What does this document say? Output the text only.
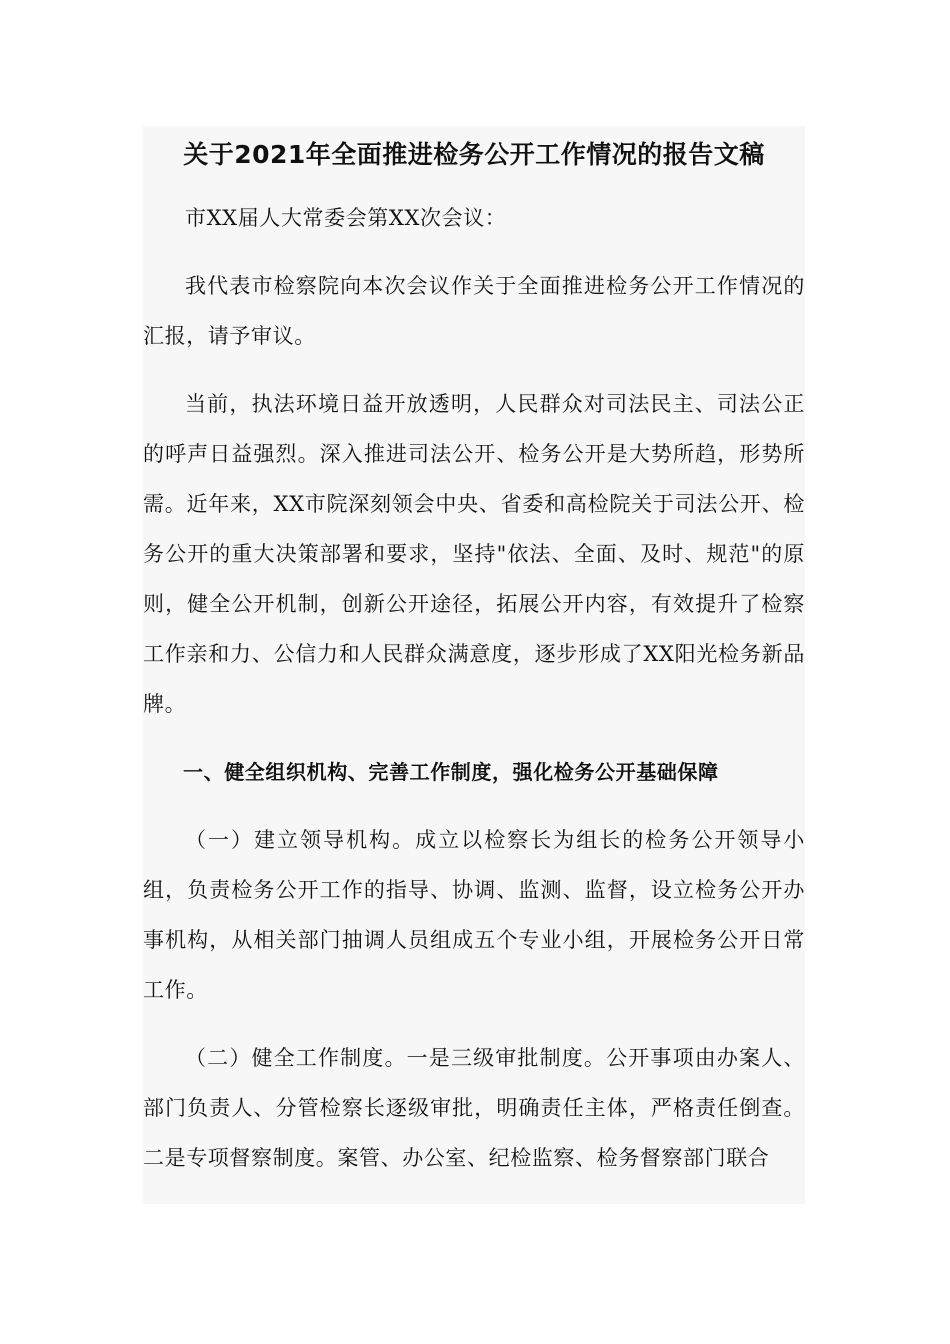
关于2021年全面推进检务公开工作情况的报告文稿

市XX届人大常委会第XX次会议：

我代表市检察院向本次会议作关于全面推进检务公开工作情况的汇报，请予审议。

当前，执法环境日益开放透明，人民群众对司法民主、司法公正的呼声日益强烈。深入推进司法公开、检务公开是大势所趋，形势所需。近年来，XX市院深刻领会中央、省委和高检院关于司法公开、检务公开的重大决策部署和要求，坚持"依法、全面、及时、规范"的原则，健全公开机制，创新公开途径，拓展公开内容，有效提升了检察工作亲和力、公信力和人民群众满意度，逐步形成了XX阳光检务新品牌。

一、健全组织机构、完善工作制度，强化检务公开基础保障

（一）建立领导机构。成立以检察长为组长的检务公开领导小组，负责检务公开工作的指导、协调、监测、监督，设立检务公开办事机构，从相关部门抽调人员组成五个专业小组，开展检务公开日常工作。

（二）健全工作制度。一是三级审批制度。公开事项由办案人、部门负责人、分管检察长逐级审批，明确责任主体，严格责任倒查。二是专项督察制度。案管、办公室、纪检监察、检务督察部门联合
